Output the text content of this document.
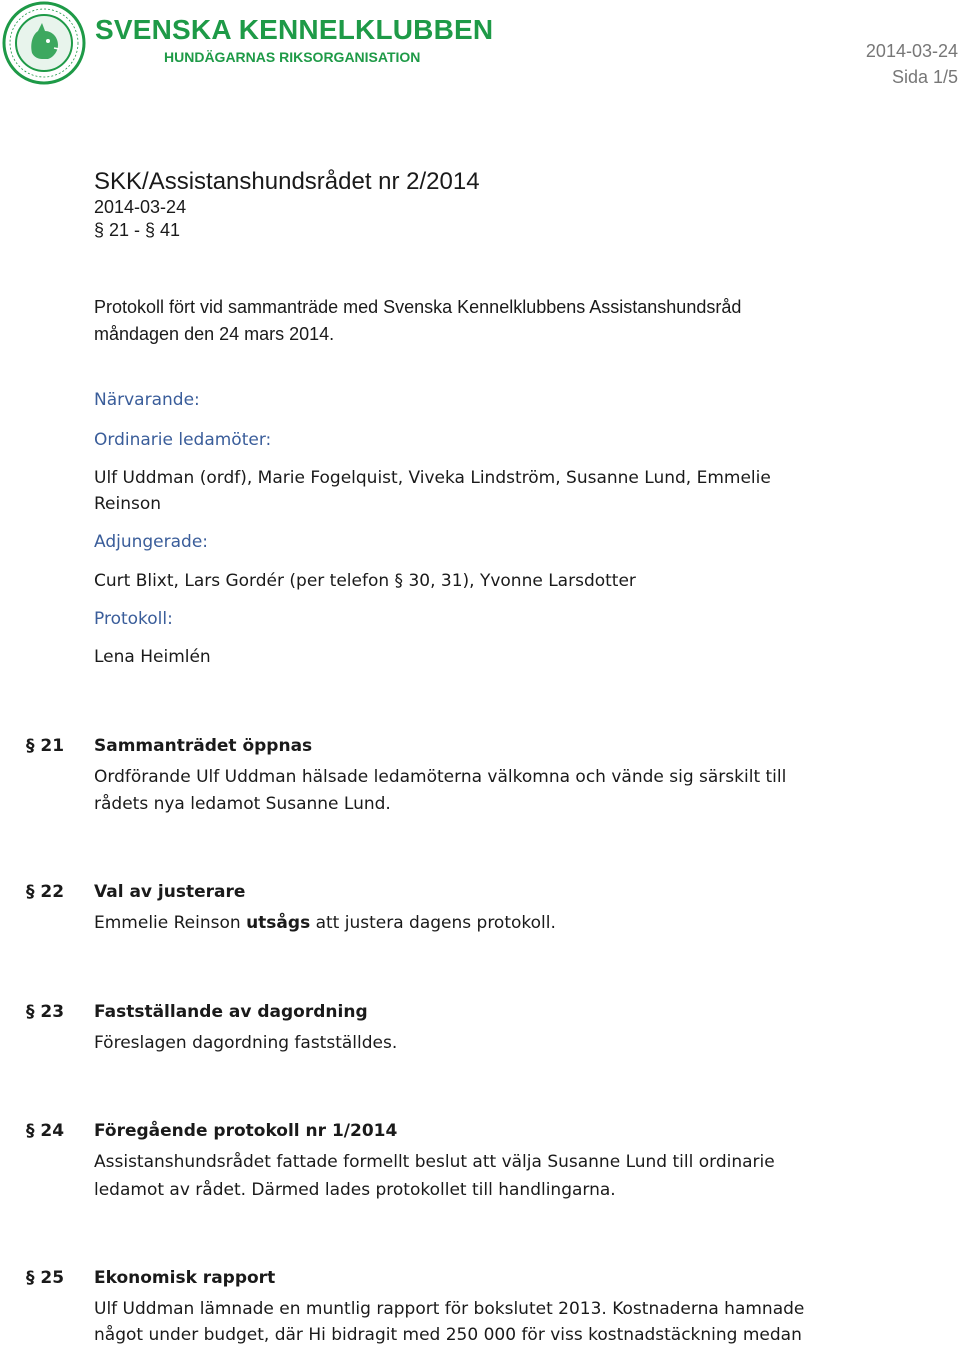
SVENSKA KENNELKLUBBEN
HUNDÄGARNAS RIKSORGANISATION	2014-03-24
Sida 1/5
SKK/Assistanshundsrådet nr 2/2014
2014-03-24
§ 21 - § 41
Protokoll fört vid sammanträde med Svenska Kennelklubbens Assistanshundsråd
måndagen den 24 mars 2014.
Närvarande:
Ordinarie ledamöter:
Ulf Uddman (ordf), Marie Fogelquist, Viveka Lindström, Susanne Lund, Emmelie
Reinson
Adjungerade:
Curt Blixt, Lars Gordér (per telefon § 30, 31), Yvonne Larsdotter
Protokoll:
Lena Heimlén
§ 21 Sammanträdet öppnas
Ordförande Ulf Uddman hälsade ledamöterna välkomna och vände sig särskilt till
rådets nya ledamot Susanne Lund.
§ 22 Val av justerare
Emmelie Reinson utsågs att justera dagens protokoll.
§ 23 Fastställande av dagordning
Föreslagen dagordning fastställdes.
§ 24 Föregående protokoll nr 1/2014
Assistanshundsrådet fattade formellt beslut att välja Susanne Lund till ordinarie
ledamot av rådet. Därmed lades protokollet till handlingarna.
§ 25 Ekonomisk rapport
Ulf Uddman lämnade en muntlig rapport för bokslutet 2013. Kostnaderna hamnade
något under budget, där Hi bidragit med 250 000 för viss kostnadstäckning medan
